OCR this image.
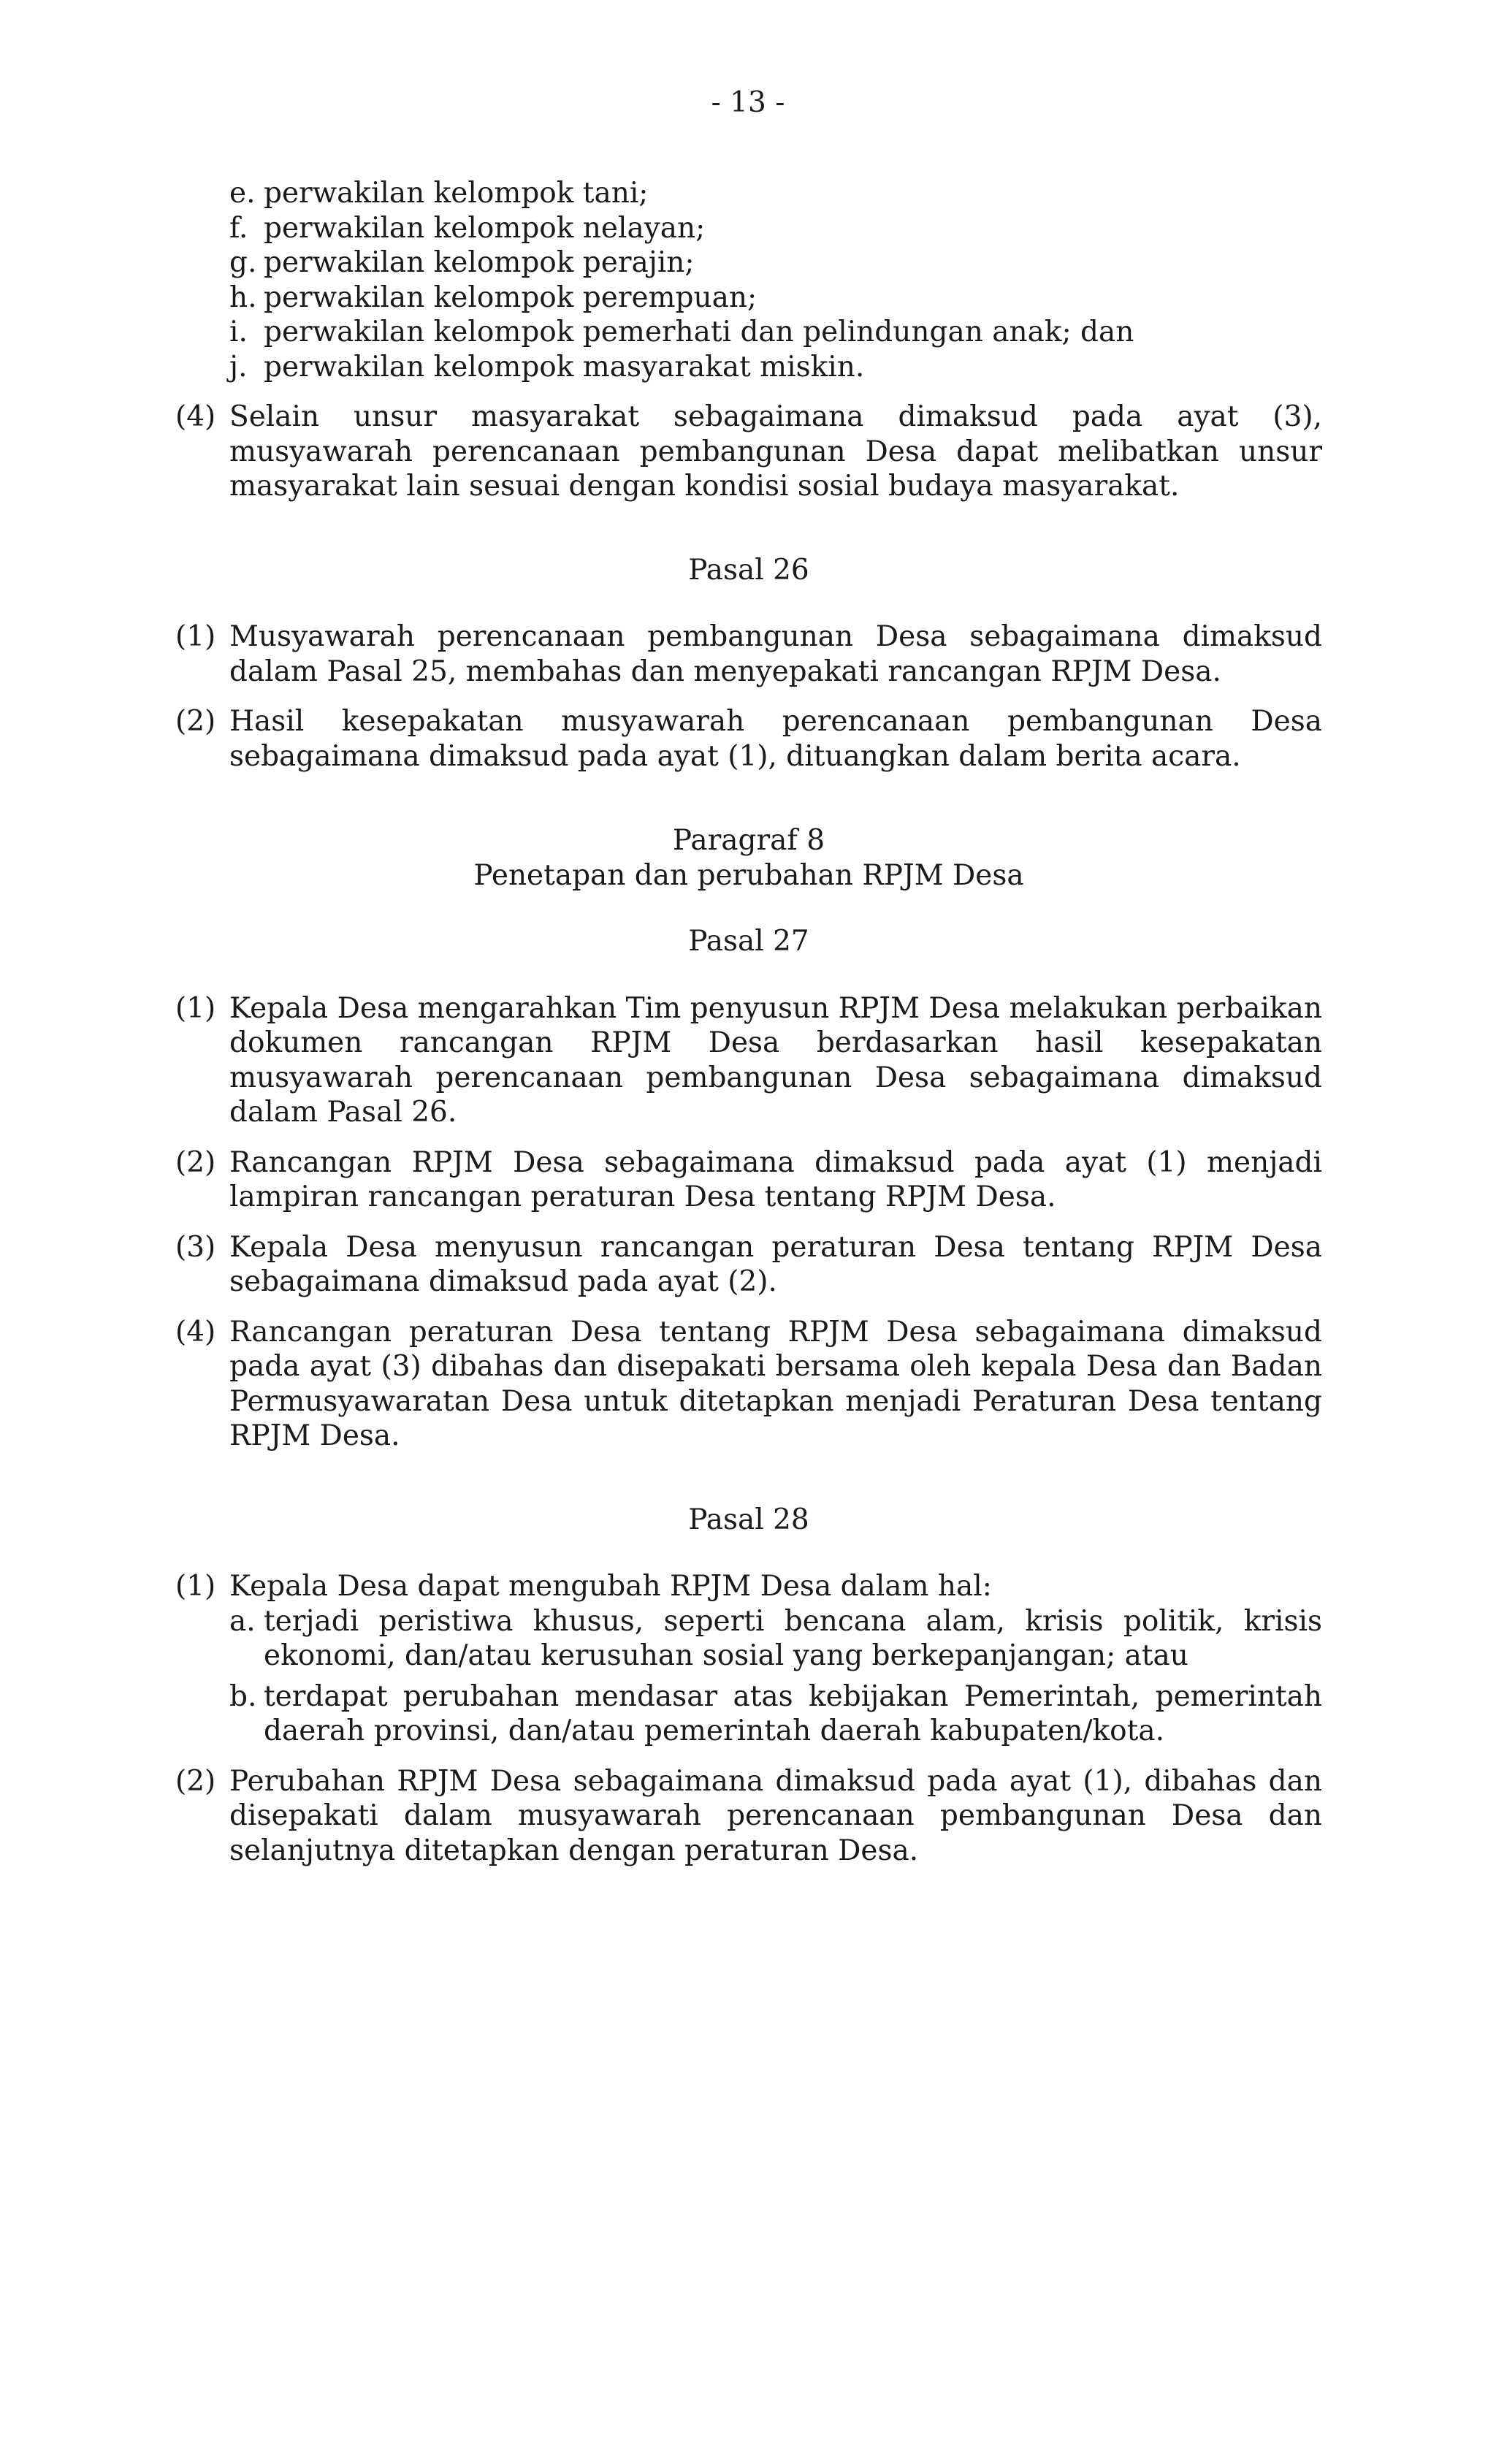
- 13 -
e. perwakilan kelompok tani;
f. perwakilan kelompok nelayan;
g. perwakilan kelompok perajin;
h. perwakilan kelompok perempuan;
i. perwakilan kelompok pemerhati dan pelindungan anak; dan
j. perwakilan kelompok masyarakat miskin.
(4) Selain unsur masyarakat sebagaimana dimaksud pada ayat (3), musyawarah perencanaan pembangunan Desa dapat melibatkan unsur masyarakat lain sesuai dengan kondisi sosial budaya masyarakat.
Pasal 26
(1) Musyawarah perencanaan pembangunan Desa sebagaimana dimaksud dalam Pasal 25, membahas dan menyepakati rancangan RPJM Desa.
(2) Hasil kesepakatan musyawarah perencanaan pembangunan Desa sebagaimana dimaksud pada ayat (1), dituangkan dalam berita acara.
Paragraf 8
Penetapan dan perubahan RPJM Desa
Pasal 27
(1) Kepala Desa mengarahkan Tim penyusun RPJM Desa melakukan perbaikan dokumen rancangan RPJM Desa berdasarkan hasil kesepakatan musyawarah perencanaan pembangunan Desa sebagaimana dimaksud dalam Pasal 26.
(2) Rancangan RPJM Desa sebagaimana dimaksud pada ayat (1) menjadi lampiran rancangan peraturan Desa tentang RPJM Desa.
(3) Kepala Desa menyusun rancangan peraturan Desa tentang RPJM Desa sebagaimana dimaksud pada ayat (2).
(4) Rancangan peraturan Desa tentang RPJM Desa sebagaimana dimaksud pada ayat (3) dibahas dan disepakati bersama oleh kepala Desa dan Badan Permusyawaratan Desa untuk ditetapkan menjadi Peraturan Desa tentang RPJM Desa.
Pasal 28
(1) Kepala Desa dapat mengubah RPJM Desa dalam hal:
a. terjadi peristiwa khusus, seperti bencana alam, krisis politik, krisis ekonomi, dan/atau kerusuhan sosial yang berkepanjangan; atau
b. terdapat perubahan mendasar atas kebijakan Pemerintah, pemerintah daerah provinsi, dan/atau pemerintah daerah kabupaten/kota.
(2) Perubahan RPJM Desa sebagaimana dimaksud pada ayat (1), dibahas dan disepakati dalam musyawarah perencanaan pembangunan Desa dan selanjutnya ditetapkan dengan peraturan Desa.
